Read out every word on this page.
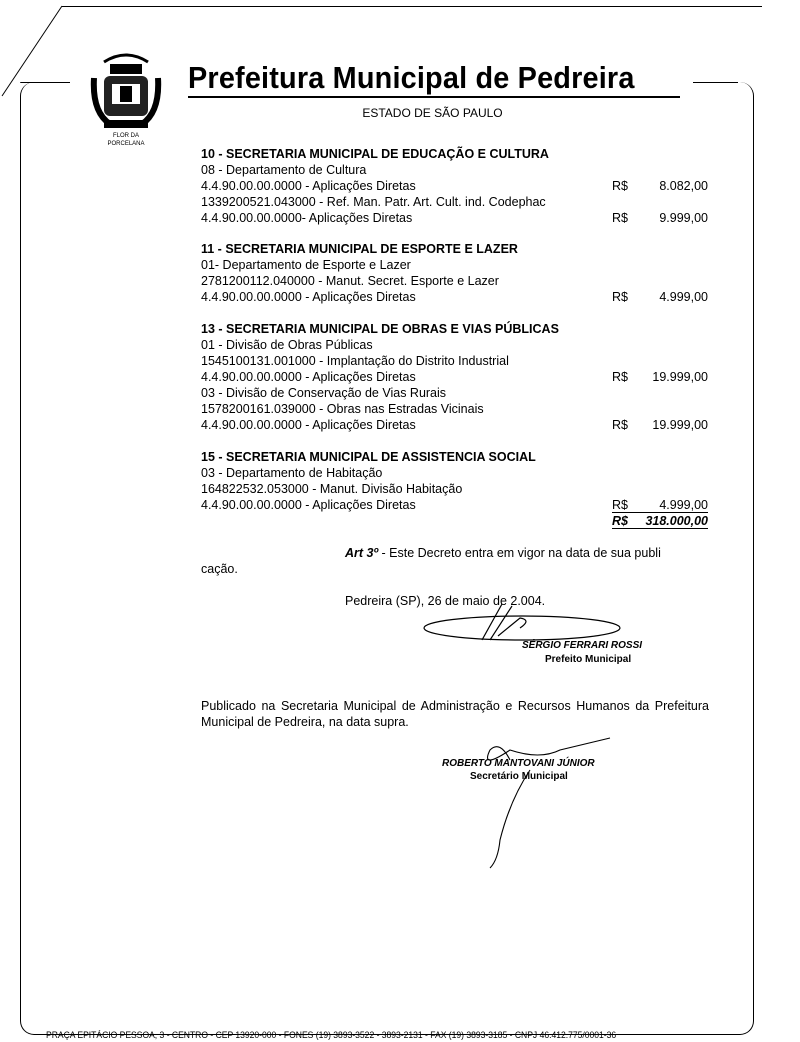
FLOR DA
PORCELANA
Prefeitura Municipal de Pedreira
ESTADO DE SÃO PAULO
10 - SECRETARIA MUNICIPAL DE EDUCAÇÃO E CULTURA
08 - Departamento de Cultura
4.4.90.00.00.0000 - Aplicações Diretas	R$	8.082,00
1339200521.043000 - Ref. Man. Patr. Art. Cult. ind. Codephac
4.4.90.00.00.0000- Aplicações Diretas	R$	9.999,00
11 - SECRETARIA MUNICIPAL DE ESPORTE E LAZER
01- Departamento de Esporte e Lazer
2781200112.040000 - Manut. Secret. Esporte e Lazer
4.4.90.00.00.0000 - Aplicações Diretas	R$	4.999,00
13 - SECRETARIA MUNICIPAL DE OBRAS E VIAS PÚBLICAS
01 - Divisão de Obras Públicas
1545100131.001000 - Implantação do Distrito Industrial
4.4.90.00.00.0000 - Aplicações Diretas	R$ 19.999,00
03 - Divisão de Conservação de Vias Rurais
1578200161.039000 - Obras nas Estradas Vicinais
4.4.90.00.00.0000 - Aplicações Diretas	R$ 19.999,00
15 - SECRETARIA MUNICIPAL DE ASSISTENCIA SOCIAL
03 - Departamento de Habitação
164822532.053000 - Manut. Divisão Habitação
4.4.90.00.00.0000 - Aplicações Diretas	R$	4.999,00
R$ 318.000,00
Art 3º - Este Decreto entra em vigor na data de sua publi
cação.
Pedreira (SP), 26 de maio de 2.004.
SÉRGIO FERRARI ROSSI
Prefeito Municipal
Publicado na Secretaria Municipal de Administração e Recursos Humanos da Prefeitura Municipal de Pedreira, na data supra.
ROBERTO MANTOVANI JÚNIOR
Secretário Municipal
PRAÇA EPITÁCIO PESSOA, 3 - CENTRO - CEP 13920-000 - FONES (19) 3893-3522 - 3893-2131 - FAX (19) 3893-3185 - CNPJ 46.412.775/0001-36
